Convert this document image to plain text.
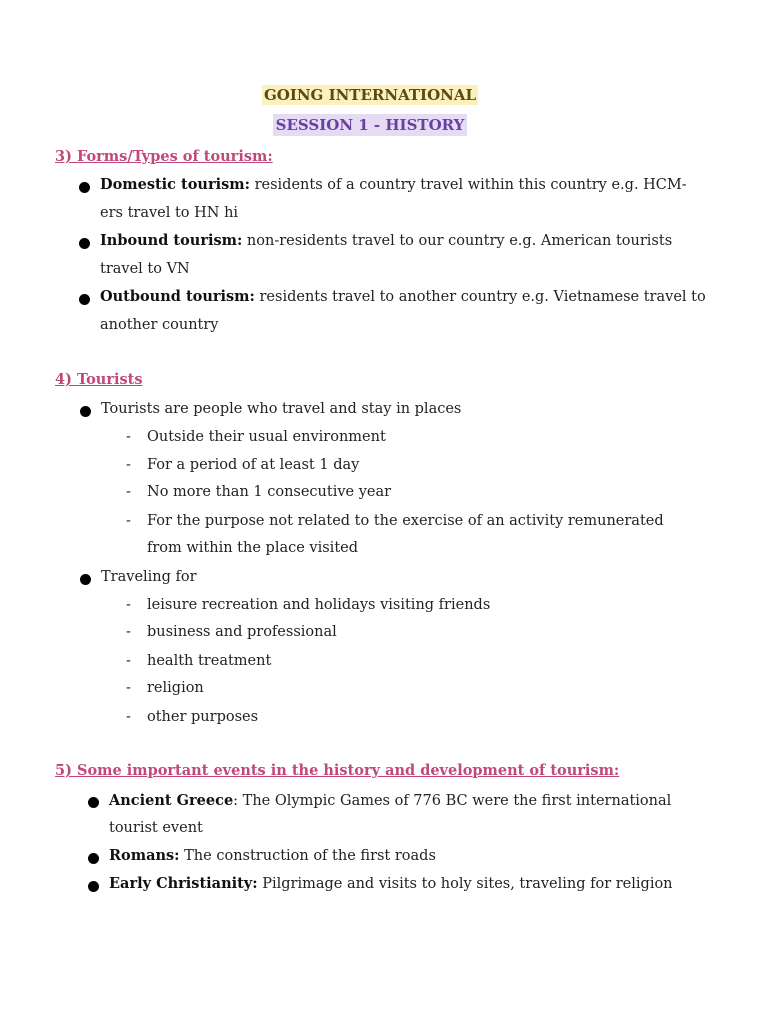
GOING INTERNATIONAL
SESSION 1 - HISTORY
3) Forms/Types of tourism:
Domestic tourism: residents of a country travel within this country e.g. HCM-
ers travel to HN hi
Inbound tourism: non-residents travel to our country e.g. American tourists
travel to VN
Outbound tourism: residents travel to another country e.g. Vietnamese travel to
another country
4) Tourists
Tourists are people who travel and stay in places
- Outside their usual environment
- For a period of at least 1 day
- No more than 1 consecutive year
- For the purpose not related to the exercise of an activity remunerated
from within the place visited
Traveling for
- leisure recreation and holidays visiting friends
- business and professional
- health treatment
- religion
- other purposes
5) Some important events in the history and development of tourism:
Ancient Greece: The Olympic Games of 776 BC were the first international
tourist event
Romans: The construction of the first roads
Early Christianity: Pilgrimage and visits to holy sites, traveling for religion
